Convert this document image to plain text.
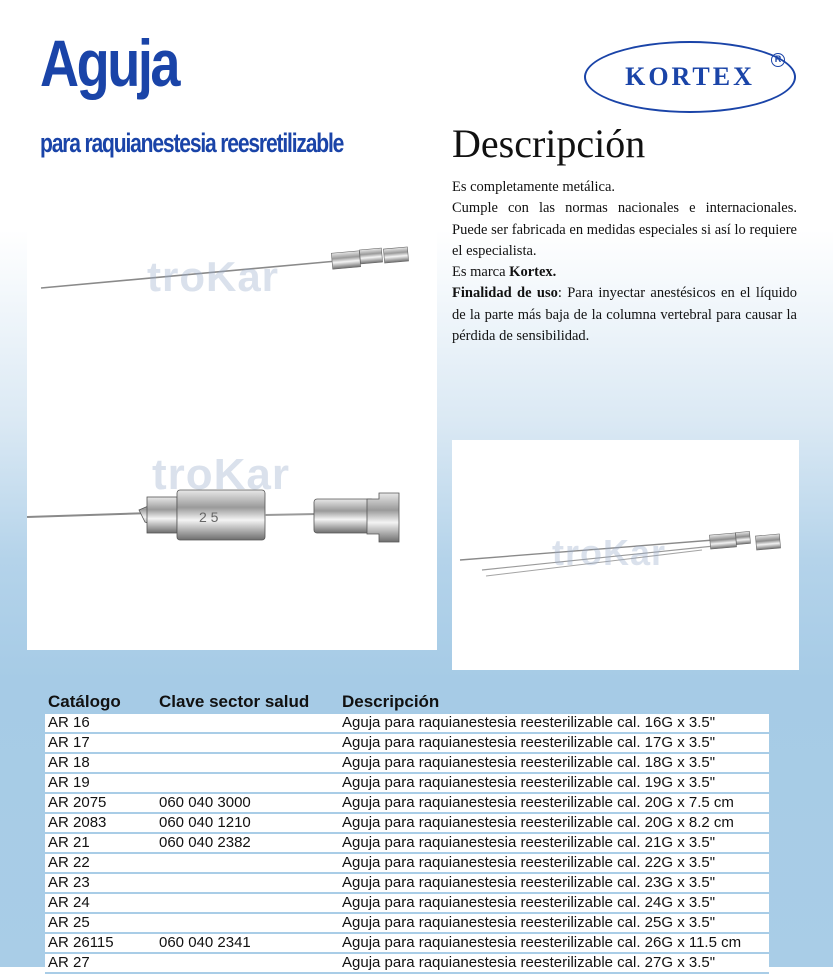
Aguja
para raquianestesia reesretilizable
KORTEX
R
2 5
troKar
troKar
Descripción

Es completamente metálica.

Cumple con las normas nacionales e internacionales. Puede ser fabricada en medidas especiales si así lo requiere el especialista.

Es marca Kortex.

Finalidad de uso: Para inyectar anestésicos en el líquido de la parte más baja de la columna vertebral para causar la pérdida de sensibilidad.

troKar
Catálogo	Clave sector salud	Descripción
AR 16		Aguja para raquianestesia reesterilizable cal. 16G x 3.5"
AR 17		Aguja para raquianestesia reesterilizable cal. 17G x 3.5"
AR 18		Aguja para raquianestesia reesterilizable cal. 18G x 3.5"
AR 19		Aguja para raquianestesia reesterilizable cal. 19G x 3.5"
AR 2075	060 040 3000	Aguja para raquianestesia reesterilizable cal. 20G x 7.5 cm
AR 2083	060 040 1210	Aguja para raquianestesia reesterilizable cal. 20G x 8.2 cm
AR 21	060 040 2382	Aguja para raquianestesia reesterilizable cal. 21G x 3.5"
AR 22		Aguja para raquianestesia reesterilizable cal. 22G x 3.5"
AR 23		Aguja para raquianestesia reesterilizable cal. 23G x 3.5"
AR 24		Aguja para raquianestesia reesterilizable cal. 24G x 3.5"
AR 25		Aguja para raquianestesia reesterilizable cal. 25G x 3.5"
AR 26115	060 040 2341	Aguja para raquianestesia reesterilizable cal. 26G x 11.5 cm
AR 27		Aguja para raquianestesia reesterilizable cal. 27G x 3.5"
